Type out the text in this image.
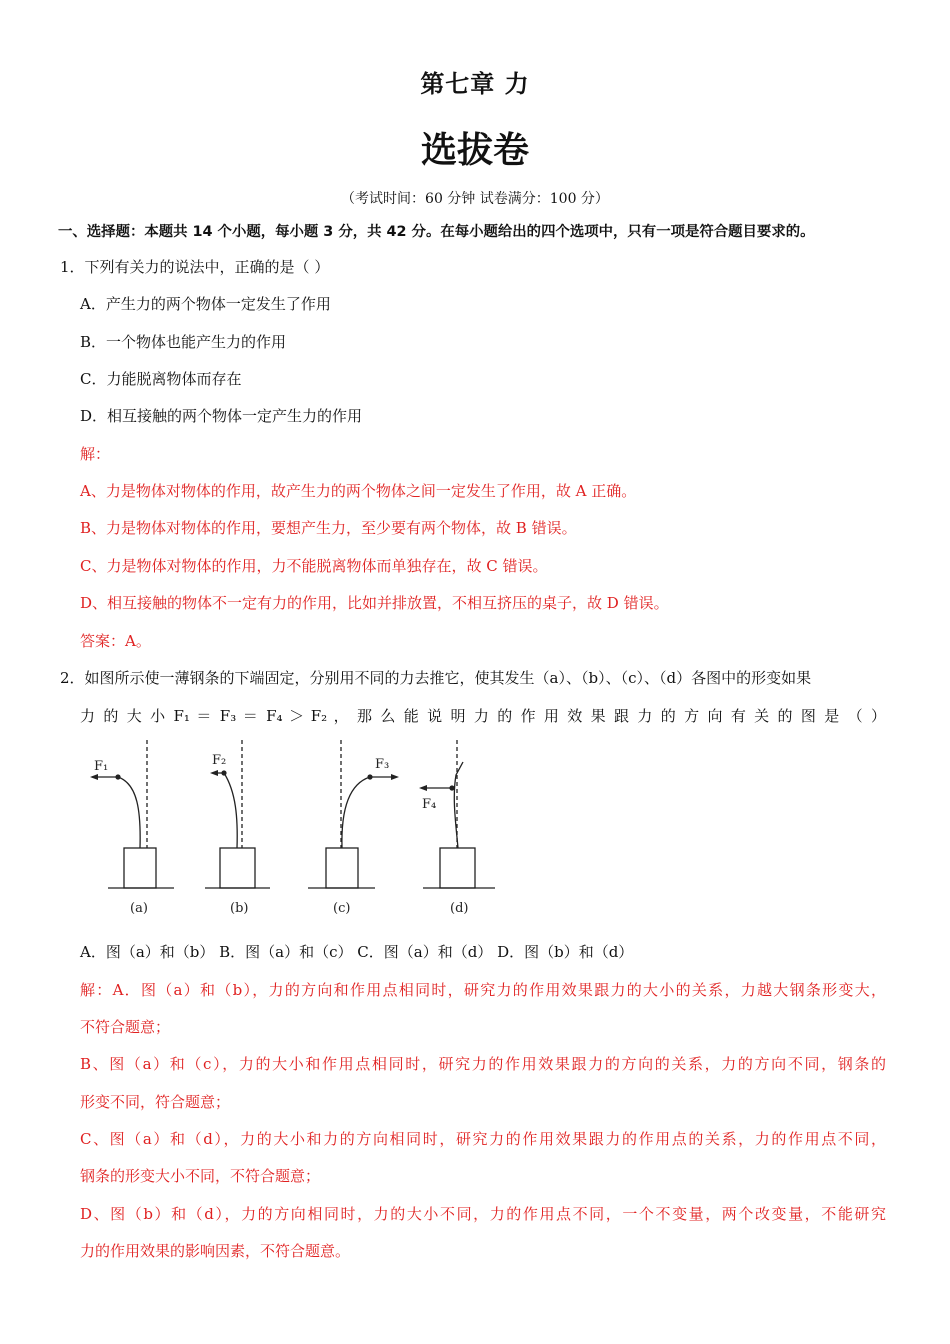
第七章 力
选拔卷
（考试时间：60 分钟 试卷满分：100 分）
一、选择题：本题共 14 个小题，每小题 3 分，共 42 分。在每小题给出的四个选项中，只有一项是符合题目要求的。
1．下列有关力的说法中，正确的是（ ）
A．产生力的两个物体一定发生了作用
B．一个物体也能产生力的作用
C．力能脱离物体而存在
D．相互接触的两个物体一定产生力的作用
解：
A、力是物体对物体的作用，故产生力的两个物体之间一定发生了作用，故 A 正确。
B、力是物体对物体的作用，要想产生力，至少要有两个物体，故 B 错误。
C、力是物体对物体的作用，力不能脱离物体而单独存在，故 C 错误。
D、相互接触的物体不一定有力的作用，比如并排放置，不相互挤压的桌子，故 D 错误。
答案：A。
2．如图所示使一薄钢条的下端固定，分别用不同的力去推它，使其发生（a）、（b）、（c）、（d）各图中的形变如果
力 的 大 小 F₁ ＝ F₃ ＝ F₄ ＞ F₂ ， 那 么 能 说 明 力 的 作 用 效 果 跟 力 的 方 向 有 关 的 图 是 （ ）
F₁	F₂	F₃
F₄
(a)	(b)	(c)	(d)
A．图（a）和（b） B．图（a）和（c） C．图（a）和（d） D．图（b）和（d）
解：A．图（a）和（b），力的方向和作用点相同时，研究力的作用效果跟力的大小的关系，力越大钢条形变大，
不符合题意；
B、图（a）和（c），力的大小和作用点相同时，研究力的作用效果跟力的方向的关系，力的方向不同，钢条的
形变不同，符合题意；
C、图（a）和（d），力的大小和力的方向相同时，研究力的作用效果跟力的作用点的关系，力的作用点不同，
钢条的形变大小不同，不符合题意；
D、图（b）和（d），力的方向相同时，力的大小不同，力的作用点不同，一个不变量，两个改变量，不能研究
力的作用效果的影响因素，不符合题意。
